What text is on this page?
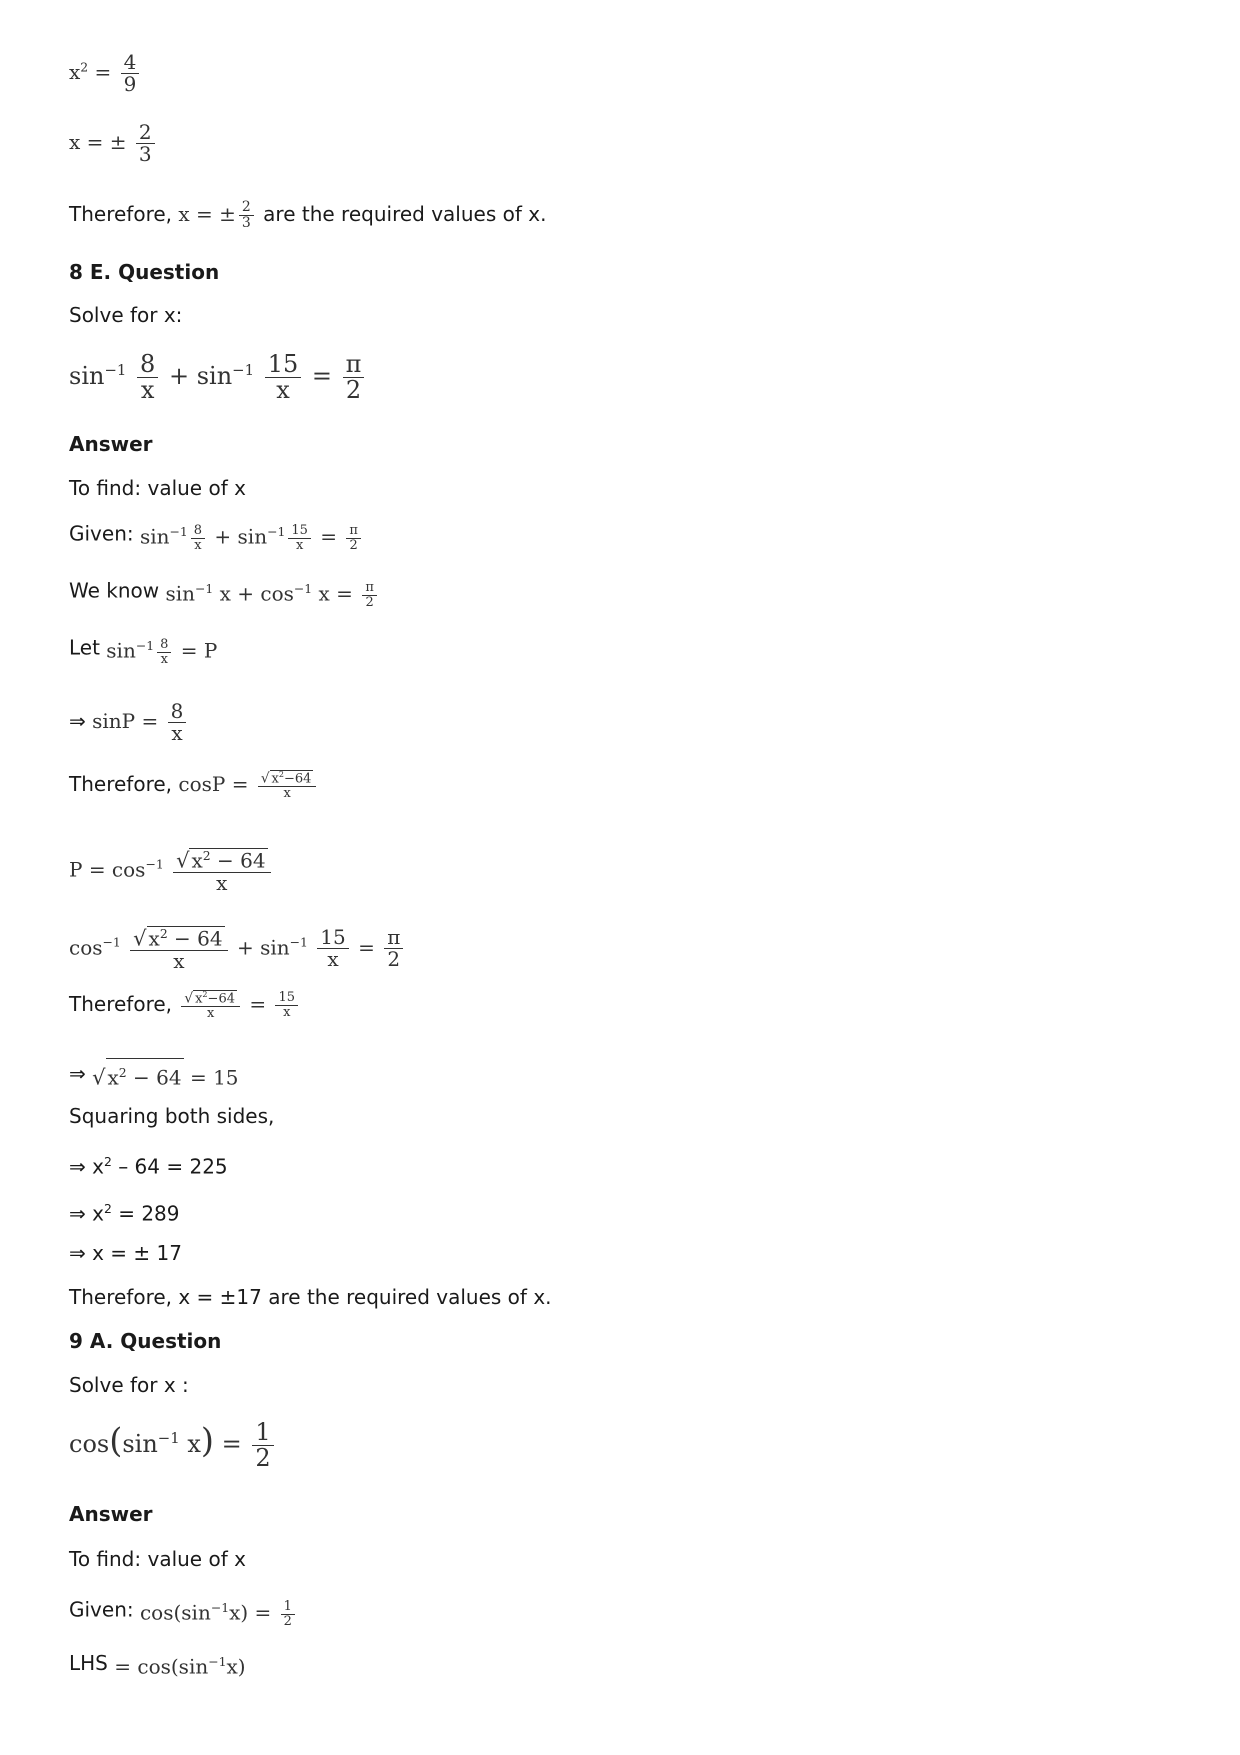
$x^2 = \frac{4}{9}$
x = ± $\frac{2}{3}$
Therefore, x = ± $\frac{2}{3}$ are the required values of x.
8 E. Question
Solve for x:
$\sin^{-1} \frac{8}{x} + \sin^{-1} \frac{15}{x} = \frac{\pi}{2}$
Answer
To find: value of x
Given: $\sin^{-1} \frac{8}{x} + \sin^{-1} \frac{15}{x} = \frac{\pi}{2}$
We know $\sin^{-1} x + \cos^{-1} x = \frac{\pi}{2}$
Let $\sin^{-1} \frac{8}{x} = P$
⇒ $\sin P = \frac{8}{x}$
Therefore, $\cos P = \frac{√ x^2-64}{x}$
$P = \cos^{-1} \frac{√ x^2 - 64}{x}$
$\cos^{-1} \frac{√ x^2 - 64}{x} + \sin^{-1} \frac{15}{x} = \frac{\pi}{2}$
Therefore, $\frac{√ x^2-64}{x} = \frac{15}{x}$
⇒ √ $x^2 - 64 = 15$
Squaring both sides,
⇒ $x^2 - 64 = 225$
⇒ $x^2 = 289$
⇒ x = ± 17
Therefore, x = ±17 are the required values of x.
9 A. Question
Solve for x :
$\cos(\sin^{-1}$ $x) = \frac{1}{2}$
Answer
To find: value of x
Given: $\cos(\sin^{-1}x) = \frac{1}{2}$
LHS = $\cos(\sin^{-1}x)$
